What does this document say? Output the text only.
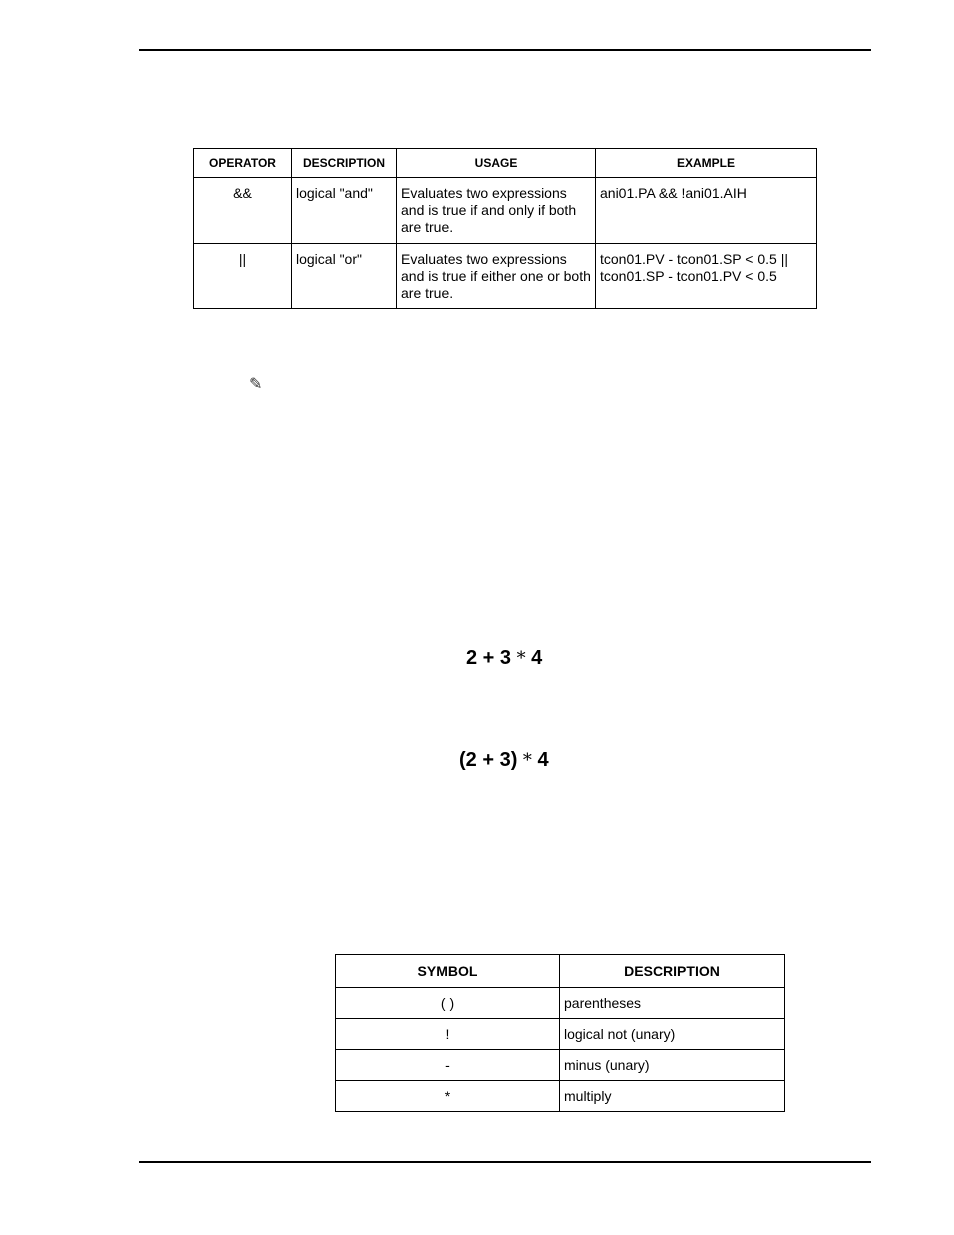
OPERATOR	DESCRIPTION	USAGE	EXAMPLE
&&	logical "and"	Evaluates two expressions and is true if and only if both are true.	ani01.PA && !ani01.AIH
||	logical "or"	Evaluates two expressions and is true if either one or both are true.	tcon01.PV - tcon01.SP < 0.5 || tcon01.SP - tcon01.PV < 0.5
✎
2 + 3 * 4
(2 + 3) * 4
SYMBOL	DESCRIPTION
( )	parentheses
!	logical not (unary)
-	minus (unary)
*	multiply
